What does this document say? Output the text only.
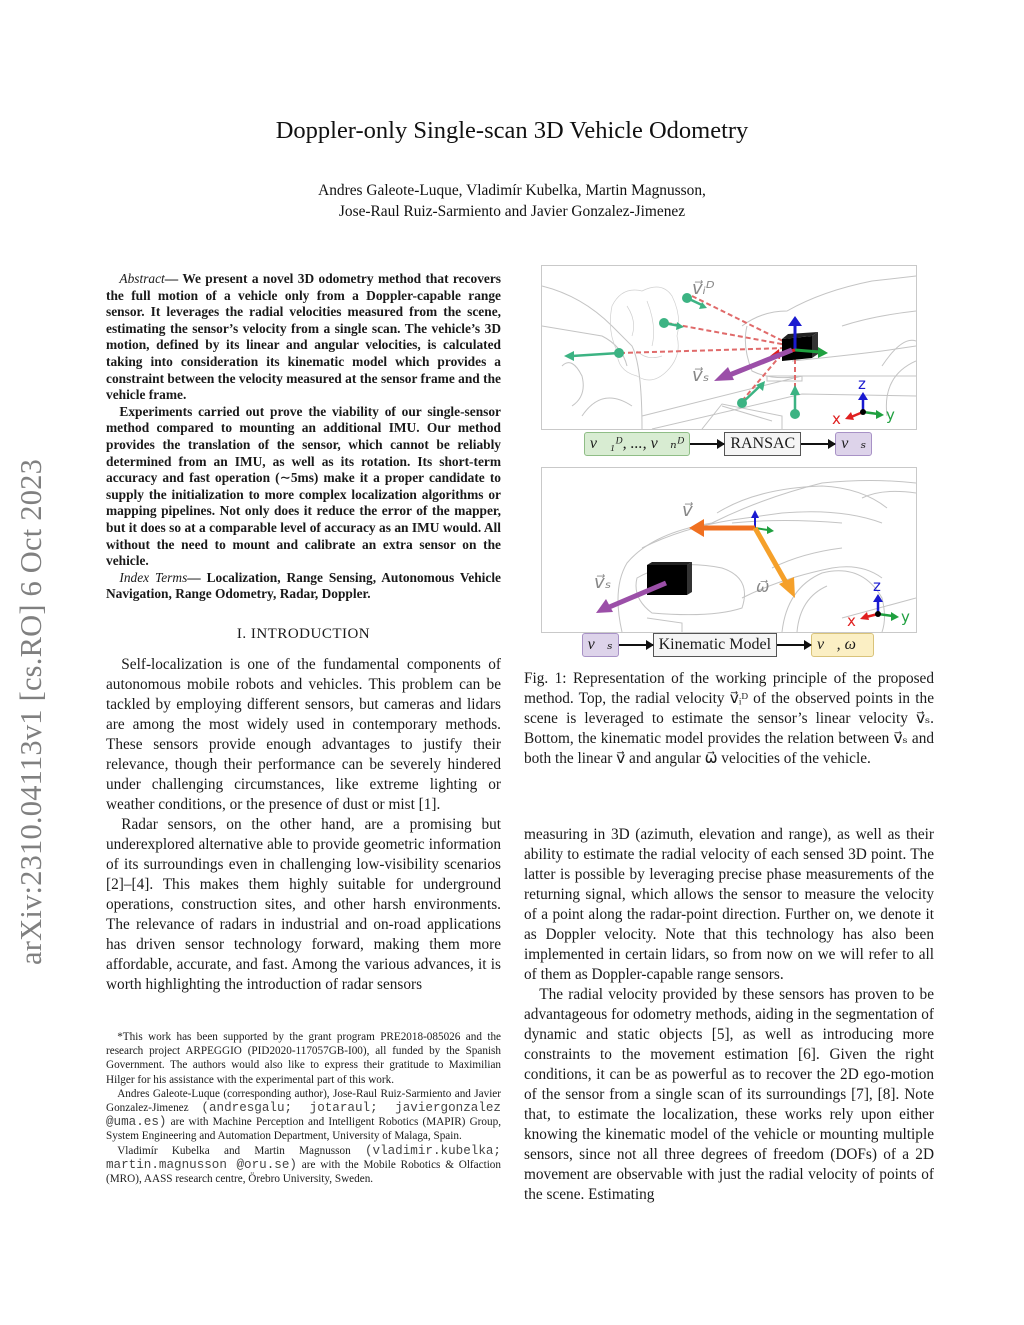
arXiv:2310.04113v1 [cs.RO] 6 Oct 2023
Doppler-only Single-scan 3D Vehicle Odometry
Andres Galeote-Luque, Vladimír Kubelka, Martin Magnusson,
Jose-Raul Ruiz-Sarmiento and Javier Gonzalez-Jimenez

Abstract— We present a novel 3D odometry method that recovers the full motion of a vehicle only from a Doppler-capable range sensor. It leverages the radial velocities measured from the scene, estimating the sensor’s velocity from a single scan. The vehicle’s 3D motion, defined by its linear and angular velocities, is calculated taking into consideration its kinematic model which provides a constraint between the velocity measured at the sensor frame and the vehicle frame.

Experiments carried out prove the viability of our single-sensor method compared to mounting an additional IMU. Our method provides the translation of the sensor, which cannot be reliably determined from an IMU, as well as its rotation. Its short-term accuracy and fast operation (∼5ms) make it a proper candidate to supply the initialization to more complex localization algorithms or mapping pipelines. Not only does it reduce the error of the mapper, but it does so at a comparable level of accuracy as an IMU would. All without the need to mount and calibrate an extra sensor on the vehicle.

Index Terms— Localization, Range Sensing, Autonomous Vehicle Navigation, Range Odometry, Radar, Doppler.

I. INTRODUCTION

Self-localization is one of the fundamental components of autonomous mobile robots and vehicles. This problem can be tackled by employing different sensors, but cameras and lidars are among the most widely used in contemporary methods. These sensors provide enough advantages to justify their relevance, though their performance can be severely hindered under challenging circumstances, like extreme lighting or weather conditions, or the presence of dust or mist [1].

Radar sensors, on the other hand, are a promising but underexplored alternative able to provide geometric information of its surroundings even in challenging low-visibility scenarios [2]–[4]. This makes them highly suitable for underground operations, construction sites, and other harsh environments. The relevance of radars in industrial and on-road applications has driven sensor technology forward, making them more affordable, accurate, and fast. Among the various advances, it is worth highlighting the introduction of radar sensors

*This work has been supported by the grant program PRE2018-085026 and the research project ARPEGGIO (PID2020-117057GB-I00), all funded by the Spanish Government. The authors would also like to express their gratitude to Maximilian Hilger for his assistance with the experimental part of this work.

Andres Galeote-Luque (corresponding author), Jose-Raul Ruiz-Sarmiento and Javier Gonzalez-Jimenez (andresgalu; jotaraul; javiergonzalez @uma.es) are with Machine Perception and Intelligent Robotics (MAPIR) Group, System Engineering and Automation Department, University of Malaga, Spain.

Vladimír Kubelka and Martin Magnusson (vladimir.kubelka; martin.magnusson @oru.se) are with the Mobile Robotics & Olfaction (MRO), AASS research centre, Örebro University, Sweden.

v⃗ₛ
v⃗ᵢᴰ
z
y
x
v⃗₁ᴰ, ..., v⃗ₙᴰ	RANSAC	v⃗ₛ
v⃗ₛ
v⃗
ω⃗	z
y
x
v⃗ₛ	Kinematic Model	v⃗, ω⃗
Fig. 1: Representation of the working principle of the proposed method. Top, the radial velocity v⃗ᵢᴰ of the observed points in the scene is leveraged to estimate the sensor’s linear velocity v⃗ₛ. Bottom, the kinematic model provides the relation between v⃗ₛ and both the linear v⃗ and angular ω⃗ velocities of the vehicle.

measuring in 3D (azimuth, elevation and range), as well as their ability to estimate the radial velocity of each sensed 3D point. The latter is possible by leveraging precise phase measurements of the returning signal, which allows the sensor to measure the velocity of a point along the radar-point direction. Further on, we denote it as Doppler velocity. Note that this technology has also been implemented in certain lidars, so from now on we will refer to all of them as Doppler-capable range sensors.

The radial velocity provided by these sensors has proven to be advantageous for odometry methods, aiding in the segmentation of dynamic and static objects [5], as well as introducing more constraints to the movement estimation [6]. Given the right conditions, it can be as powerful as to recover the 2D ego-motion of the sensor from a single scan of its surroundings [7], [8]. Note that, to estimate the localization, these works rely upon either knowing the kinematic model of the vehicle or mounting multiple sensors, since not all three degrees of freedom (DOFs) of a 2D movement are observable with just the radial velocity of points of the scene. Estimating
